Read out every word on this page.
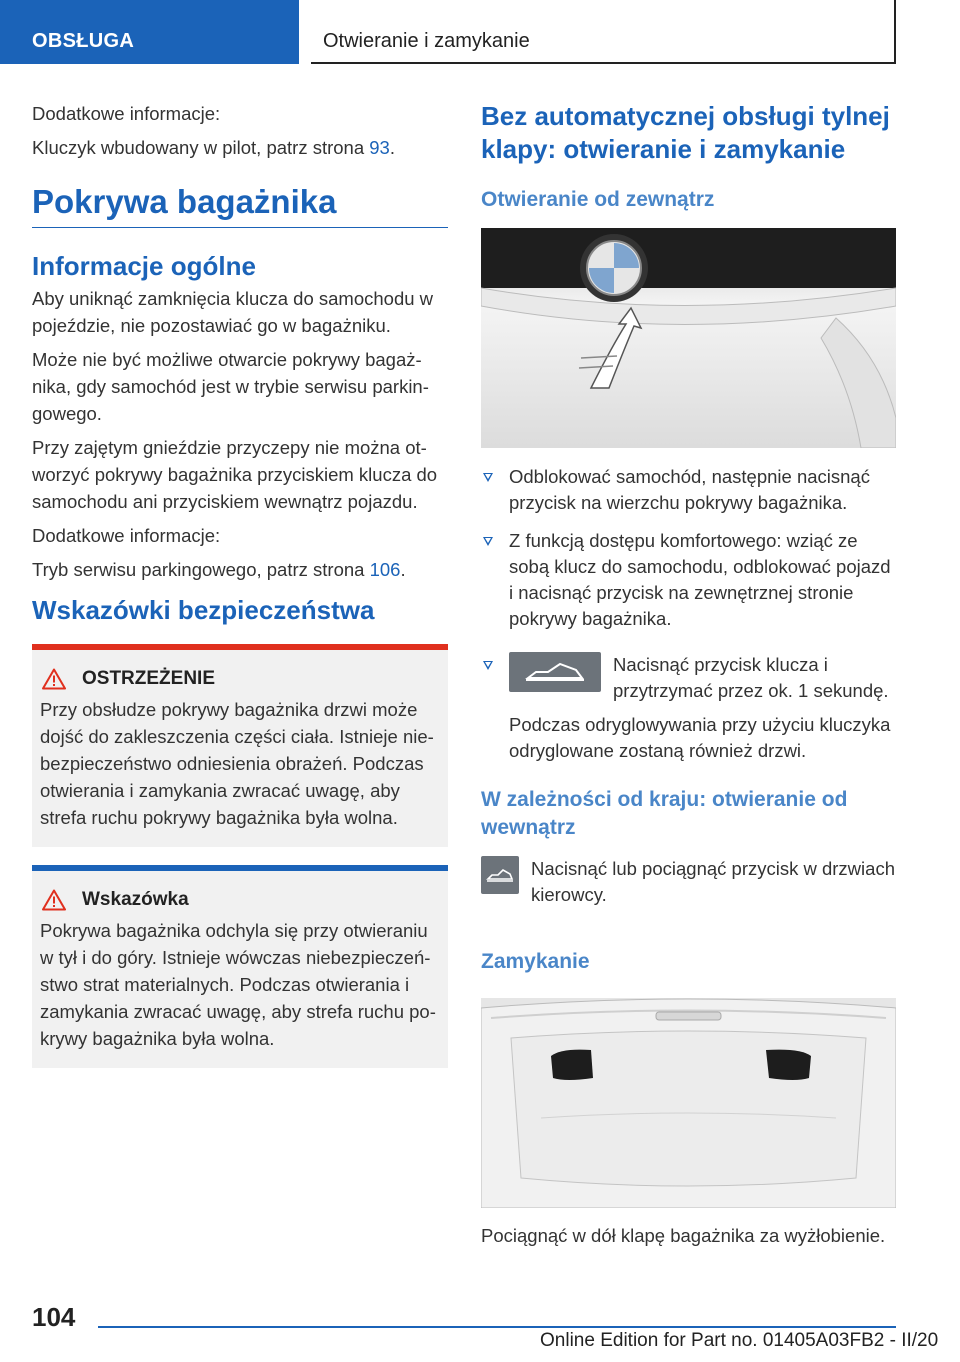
OBSŁUGA	Otwieranie i zamykanie

Dodatkowe informacje:

Kluczyk wbudowany w pilot, patrz strona 93.

Pokrywa bagażnika
Informacje ogólne

Aby uniknąć zamknięcia klucza do samochodu w pojeździe, nie pozostawiać go w bagażniku.

Może nie być możliwe otwarcie pokrywy bagażnika, gdy samochód jest w trybie serwisu parkingowego.

Przy zajętym gnieździe przyczepy nie można otworzyć pokrywy bagażnika przyciskiem klucza do samochodu ani przyciskiem wewnątrz pojazdu.

Dodatkowe informacje:

Tryb serwisu parkingowego, patrz strona 106.

Wskazówki bezpieczeństwa
OSTRZEŻENIE

Przy obsłudze pokrywy bagażnika drzwi może dojść do zakleszczenia części ciała. Istnieje niebezpieczeństwo odniesienia obrażeń. Podczas otwierania i zamykania zwracać uwagę, aby strefa ruchu pokrywy bagażnika była wolna.

Wskazówka

Pokrywa bagażnika odchyla się przy otwieraniu w tył i do góry. Istnieje wówczas niebezpieczeństwo strat materialnych. Podczas otwierania i zamykania zwracać uwagę, aby strefa ruchu pokrywy bagażnika była wolna.

Bez automatycznej obsługi tylnej klapy: otwieranie i zamykanie
Otwieranie od zewnątrz
Odblokować samochód, następnie nacisnąć przycisk na wierzchu pokrywy bagażnika.
Z funkcją dostępu komfortowego: wziąć ze sobą klucz do samochodu, odblokować pojazd i nacisnąć przycisk na zewnętrznej stronie pokrywy bagażnika.
Nacisnąć przycisk klucza i przytrzymać przez ok. 1 sekundę.

Podczas odryglowywania przy użyciu kluczyka odryglowane zostaną również drzwi.

W zależności od kraju: otwieranie od wewnątrz
Nacisnąć lub pociągnąć przycisk w drzwiach kierowcy.
Zamykanie

Pociągnąć w dół klapę bagażnika za wyżłobienie.

104
Online Edition for Part no. 01405A03FB2 - II/20
